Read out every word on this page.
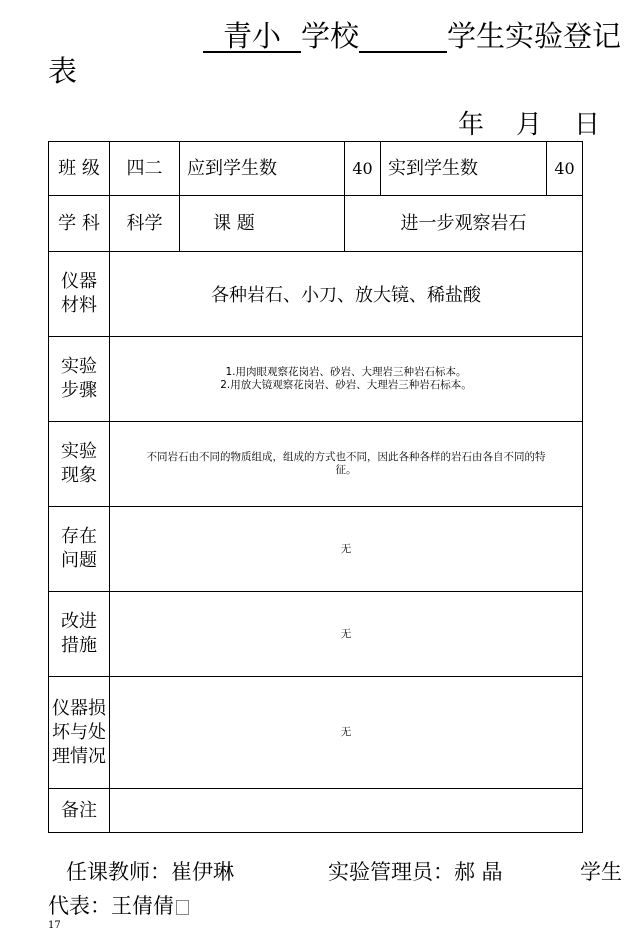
青小 学校	学生实验登记
表
年 月 日
班 级	四二	应到学生数	40	实到学生数	40
学 科	科学	课 题	进一步观察岩石		
仪器材料	各种岩石、小刀、放大镜、稀盐酸				
实验步骤	1.用肉眼观察花岗岩、砂岩、大理岩三种岩石标本。
2.用放大镜观察花岗岩、砂岩、大理岩三种岩石标本。				

实验现象	不同岩石由不同的物质组成，组成的方式也不同，因此各种各样的岩石由各自不同的特
征。				

存在问题	无				
改进措施	无				
仪器损坏与处理情况	无				
备注					
任课教师：崔伊琳	实验管理员：郝 晶	学生
代表：王倩倩
17
